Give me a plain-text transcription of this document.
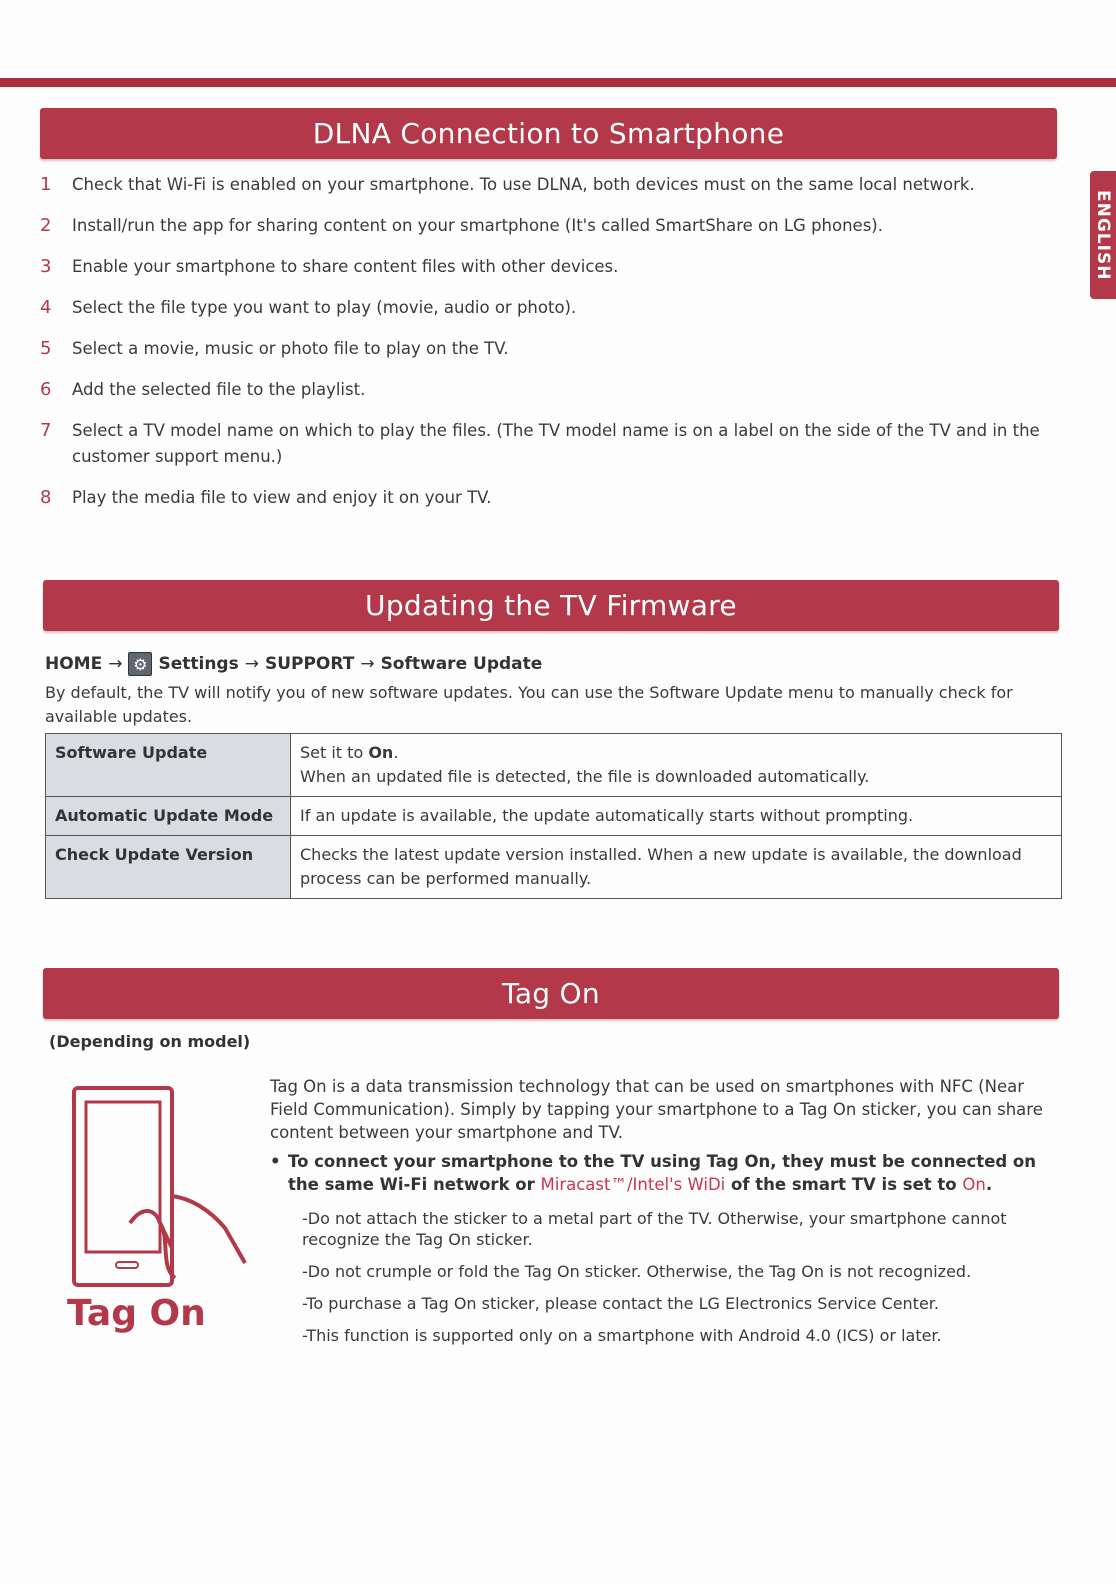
ENGLISH
DLNA Connection to Smartphone
1 Check that Wi-Fi is enabled on your smartphone. To use DLNA, both devices must on the same local network.
2 Install/run the app for sharing content on your smartphone (It's called SmartShare on LG phones).
3 Enable your smartphone to share content files with other devices.
4 Select the file type you want to play (movie, audio or photo).
5 Select a movie, music or photo file to play on the TV.
6 Add the selected file to the playlist.
7 Select a TV model name on which to play the files. (The TV model name is on a label on the side of the TV and in the customer support menu.)
8 Play the media file to view and enjoy it on your TV.
Updating the TV Firmware
HOME → ⚙ Settings → SUPPORT → Software Update
By default, the TV will notify you of new software updates. You can use the Software Update menu to manually check for available updates.
Software Update	Set it to On.
When an updated file is detected, the file is downloaded automatically.
Automatic Update Mode	If an update is available, the update automatically starts without prompting.
Check Update Version	Checks the latest update version installed. When a new update is available, the download process can be performed manually.
Tag On
(Depending on model)
Tag On
Tag On is a data transmission technology that can be used on smartphones with NFC (Near Field Communication). Simply by tapping your smartphone to a Tag On sticker, you can share content between your smartphone and TV.
• To connect your smartphone to the TV using Tag On, they must be connected on the same Wi-Fi network or Miracast™/Intel's WiDi of the smart TV is set to On.
-Do not attach the sticker to a metal part of the TV. Otherwise, your smartphone cannot recognize the Tag On sticker.
-Do not crumple or fold the Tag On sticker. Otherwise, the Tag On is not recognized.
-To purchase a Tag On sticker, please contact the LG Electronics Service Center.
-This function is supported only on a smartphone with Android 4.0 (ICS) or later.
